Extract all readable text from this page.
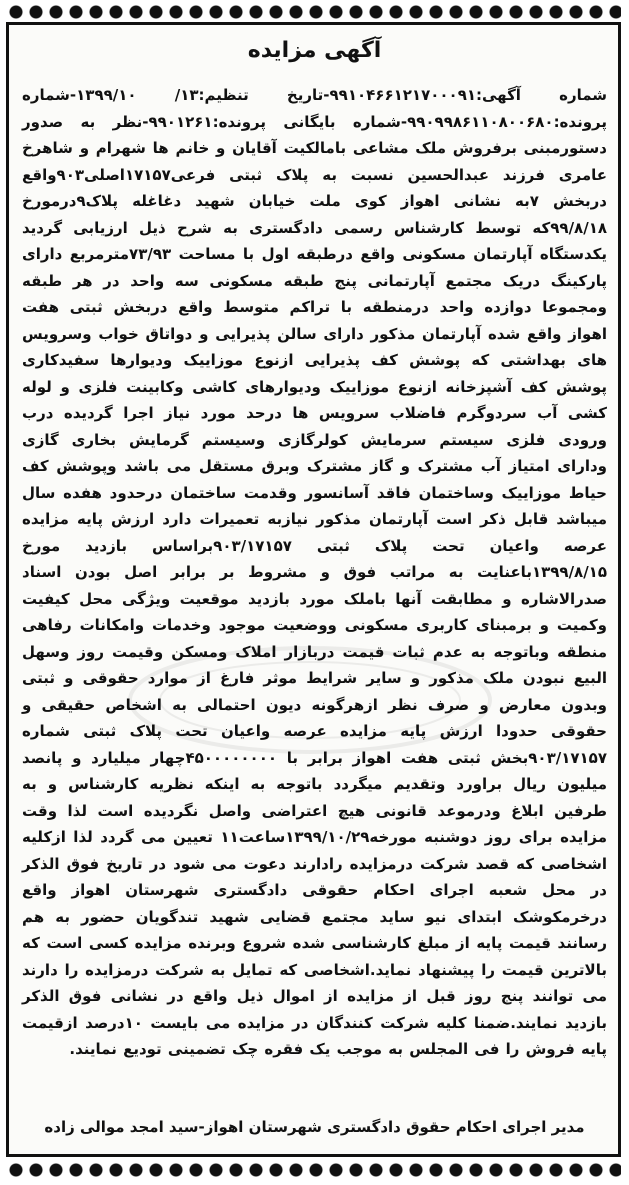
آگهی مزایده
شماره آگهی:۹۹۱۰۴۶۶۱۲۱۷۰۰۰۹۱-تاریخ تنظیم:۱۳/ ۱۳۹۹/۱۰-شماره پرونده:۹۹۰۹۹۸۶۱۱۰۸۰۰۶۸۰-شماره بایگانی پرونده:۹۹۰۱۲۶۱-نظر به صدور دستورمبنی برفروش ملک مشاعی بامالکیت آقایان و خانم ها شهرام و شاهرخ عامری فرزند عبدالحسین نسبت به پلاک ثبتی فرعی۱۷۱۵۷اصلی۹۰۳واقع دربخش ۷به نشانی اهواز کوی ملت خیابان شهید دغاغله پلاک۹درمورخ ۹۹/۸/۱۸که توسط کارشناس رسمی دادگستری به شرح ذیل ارزیابی گردید یکدستگاه آپارتمان مسکونی واقع درطبقه اول با مساحت ۷۳/۹۳مترمربع دارای پارکینگ دریک مجتمع آپارتمانی پنج طبقه مسکونی سه واحد در هر طبقه ومجموعا دوازده واحد درمنطقه با تراکم متوسط واقع دربخش ثبتی هفت اهواز واقع شده آپارتمان مذکور دارای سالن پذیرایی و دواتاق خواب وسرویس های بهداشتی که پوشش کف پذیرایی ازنوع موزاییک ودیوارها سفیدکاری پوشش کف آشپزخانه ازنوع موزاییک ودیوارهای کاشی وکابینت فلزی و لوله کشی آب سردوگرم فاضلاب سرویس ها درحد مورد نیاز اجرا گردیده درب ورودی فلزی سیستم سرمایش کولرگازی وسیستم گرمایش بخاری گازی ودارای امتیاز آب مشترک و گاز مشترک وبرق مستقل می باشد وپوشش کف حیاط موزاییک وساختمان فاقد آسانسور وقدمت ساختمان درحدود هفده سال میباشد قابل ذکر است آپارتمان مذکور نیازبه تعمیرات دارد ارزش پایه مزایده عرصه واعیان تحت پلاک ثبتی ۹۰۳/۱۷۱۵۷براساس بازدید مورخ ۱۳۹۹/۸/۱۵باعنایت به مراتب فوق و مشروط بر برابر اصل بودن اسناد صدرالاشاره و مطابقت آنها باملک مورد بازدید موقعیت ویژگی محل کیفیت وکمیت و برمبنای کاربری مسکونی ووضعیت موجود وخدمات وامکانات رفاهی منطقه وباتوجه به عدم ثبات قیمت دربازار املاک ومسکن وقیمت روز وسهل البیع نبودن ملک مذکور و سایر شرایط موثر فارغ از موارد حقوقی و ثبتی وبدون معارض و صرف نظر ازهرگونه دیون احتمالی به اشخاص حقیقی و حقوقی حدودا ارزش پایه مزایده عرصه واعیان تحت پلاک ثبتی شماره ۹۰۳/۱۷۱۵۷بخش ثبتی هفت اهواز برابر با ۴۵۰۰۰۰۰۰۰۰چهار میلیارد و پانصد میلیون ریال براورد وتقدیم میگردد باتوجه به اینکه نظریه کارشناس و به طرفین ابلاغ ودرموعد قانونی هیچ اعتراضی واصل نگردیده است لذا وقت مزایده برای روز دوشنبه مورخه۱۳۹۹/۱۰/۲۹ساعت۱۱ تعیین می گردد لذا ازکلیه اشخاصی که قصد شرکت درمزایده رادارند دعوت می شود در تاریخ فوق الذکر در محل شعبه اجرای احکام حقوقی دادگستری شهرستان اهواز واقع درخرمکوشک ابتدای نیو ساید مجتمع قضایی شهید تندگویان حضور به هم رسانند قیمت پایه از مبلغ کارشناسی شده شروع وبرنده مزایده کسی است که بالاترین قیمت را پیشنهاد نماید.اشخاصی که تمایل به شرکت درمزایده را دارند می توانند پنج روز قبل از مزایده از اموال ذیل واقع در نشانی فوق الذکر بازدید نمایند.ضمنا کلیه شرکت کنندگان در مزایده می بایست ۱۰درصد ازقیمت پایه فروش را فی المجلس به موجب یک فقره چک تضمینی تودیع نمایند.
مدیر اجرای احکام حقوق دادگستری شهرستان اهواز-سید امجد موالی زاده
